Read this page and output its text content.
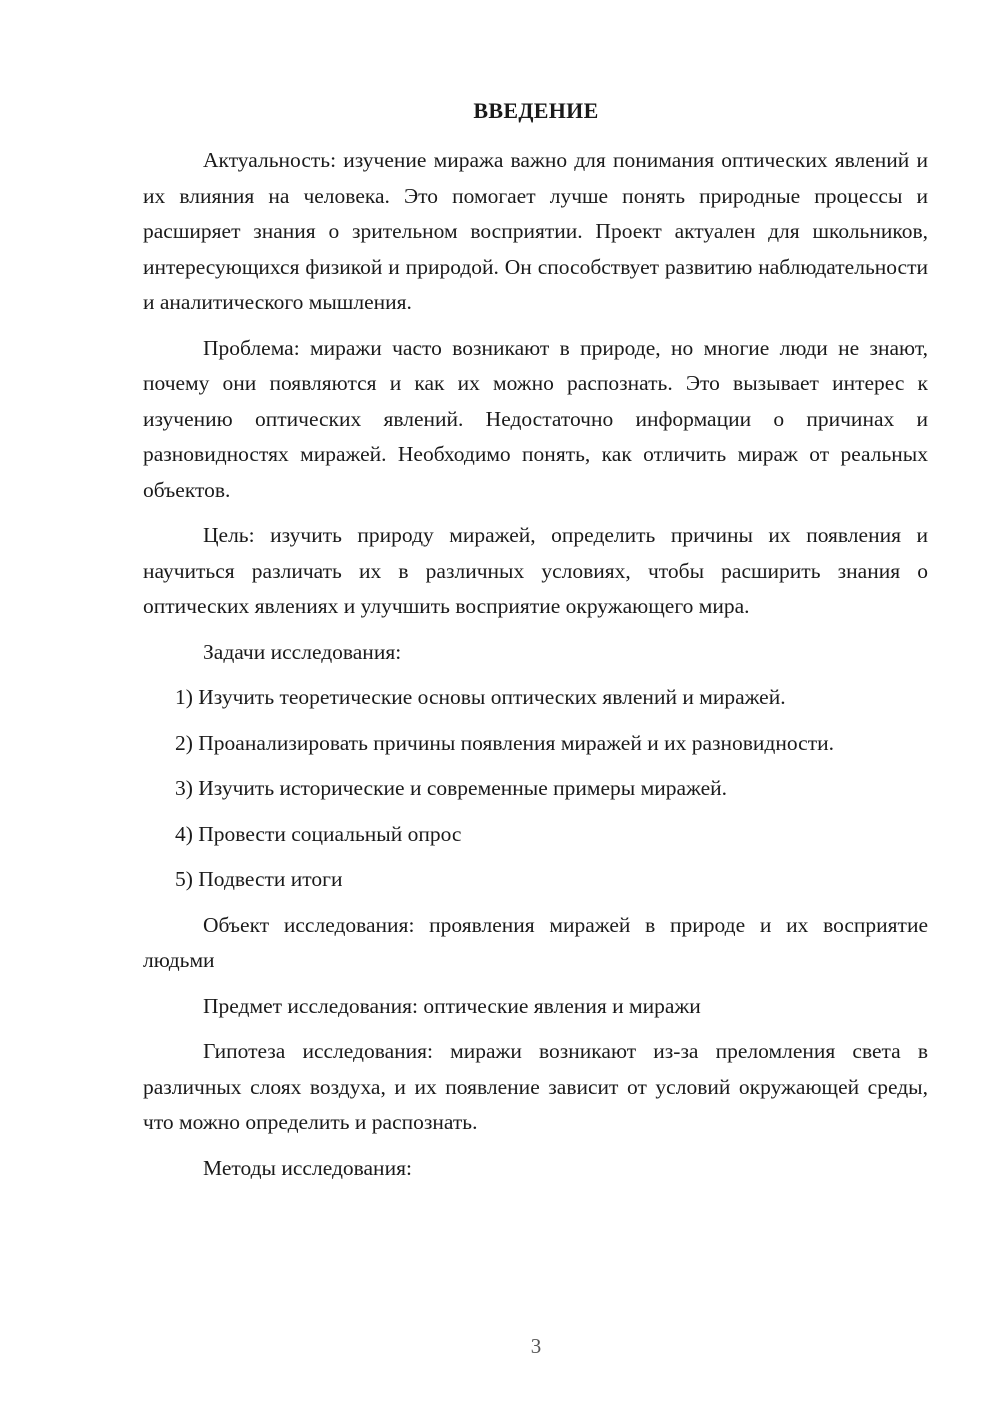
ВВЕДЕНИЕ

Актуальность: изучение миража важно для понимания оптических явлений и их влияния на человека. Это помогает лучше понять природные процессы и расширяет знания о зрительном восприятии. Проект актуален для школьников, интересующихся физикой и природой. Он способствует развитию наблюдательности и аналитического мышления.

Проблема: миражи часто возникают в природе, но многие люди не знают, почему они появляются и как их можно распознать. Это вызывает интерес к изучению оптических явлений. Недостаточно информации о причинах и разновидностях миражей. Необходимо понять, как отличить мираж от реальных объектов.

Цель: изучить природу миражей, определить причины их появления и научиться различать их в различных условиях, чтобы расширить знания о оптических явлениях и улучшить восприятие окружающего мира.

Задачи исследования:

1) Изучить теоретические основы оптических явлений и миражей.

2) Проанализировать причины появления миражей и их разновидности.

3) Изучить исторические и современные примеры миражей.

4) Провести социальный опрос

5) Подвести итоги

Объект исследования: проявления миражей в природе и их восприятие людьми

Предмет исследования: оптические явления и миражи

Гипотеза исследования: миражи возникают из-за преломления света в различных слоях воздуха, и их появление зависит от условий окружающей среды, что можно определить и распознать.

Методы исследования:

3
